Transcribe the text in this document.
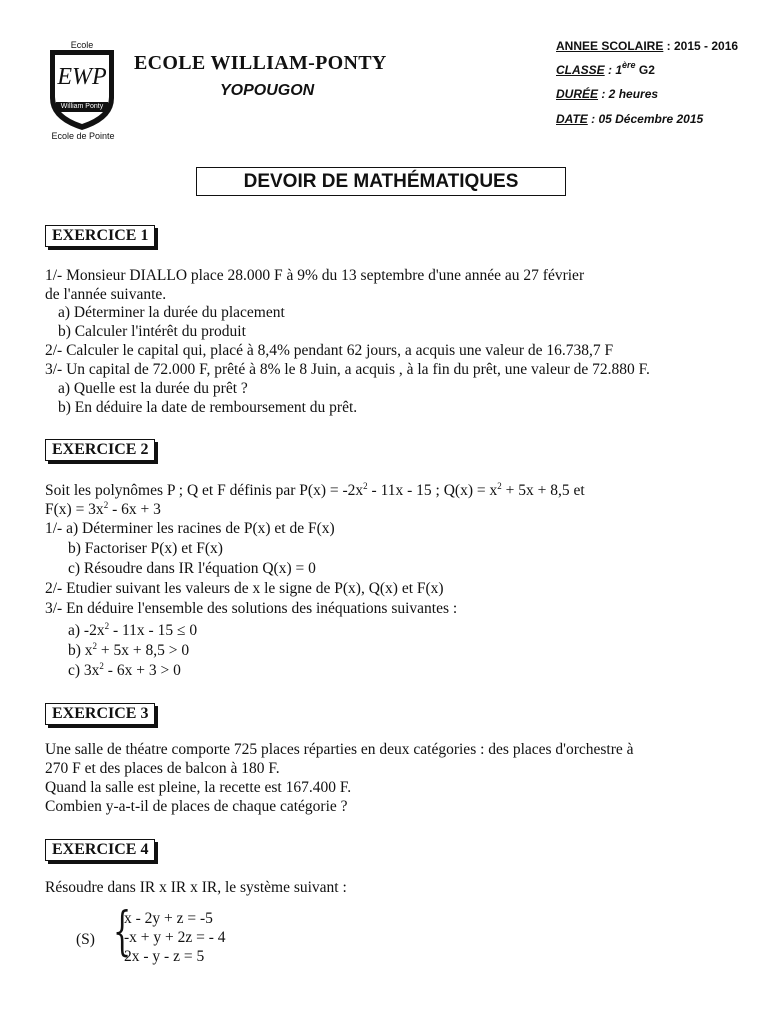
Ecole
EWP
William Ponty
Ecole de Pointe
ECOLE WILLIAM-PONTY
YOPOUGON
ANNEE SCOLAIRE : 2015 - 2016
CLASSE : 1ère G2
DURÉE : 2 heures
DATE : 05 Décembre 2015
DEVOIR DE MATHÉMATIQUES
EXERCICE 1
1/- Monsieur DIALLO place 28.000 F à 9% du 13 septembre d'une année au 27 février
de l'année suivante.
a) Déterminer la durée du placement
b) Calculer l'intérêt du produit
2/- Calculer le capital qui, placé à 8,4% pendant 62 jours, a acquis une valeur de 16.738,7 F
3/- Un capital de 72.000 F, prêté à 8% le 8 Juin, a acquis , à la fin du prêt, une valeur de 72.880 F.
a) Quelle est la durée du prêt ?
b) En déduire la date de remboursement du prêt.
EXERCICE 2
Soit les polynômes P ; Q et F définis par $P(x) = -2x^2 - 11x - 15$ ; $Q(x) = x^2 + 5x + 8,5$ et
$F(x) = 3x^2 - 6x + 3$
1/- a) Déterminer les racines de P(x) et de F(x)
b) Factoriser P(x) et F(x)
c) Résoudre dans IR l'équation Q(x) = 0
2/- Etudier suivant les valeurs de x le signe de P(x), Q(x) et F(x)
3/- En déduire l'ensemble des solutions des inéquations suivantes :
a) $-2x^2 - 11x - 15 \le 0$
b) $x^2 + 5x + 8,5 > 0$
c) $3x^2 - 6x + 3 > 0$
EXERCICE 3
Une salle de théatre comporte 725 places réparties en deux catégories : des places d'orchestre à
270 F et des places de balcon à 180 F.
Quand la salle est pleine, la recette est 167.400 F.
Combien y-a-t-il de places de chaque catégorie ?
EXERCICE 4
Résoudre dans IR x IR x IR, le système suivant :
(S) {
x - 2y + z = -5
-x + y + 2z = - 4
2x - y - z = 5
